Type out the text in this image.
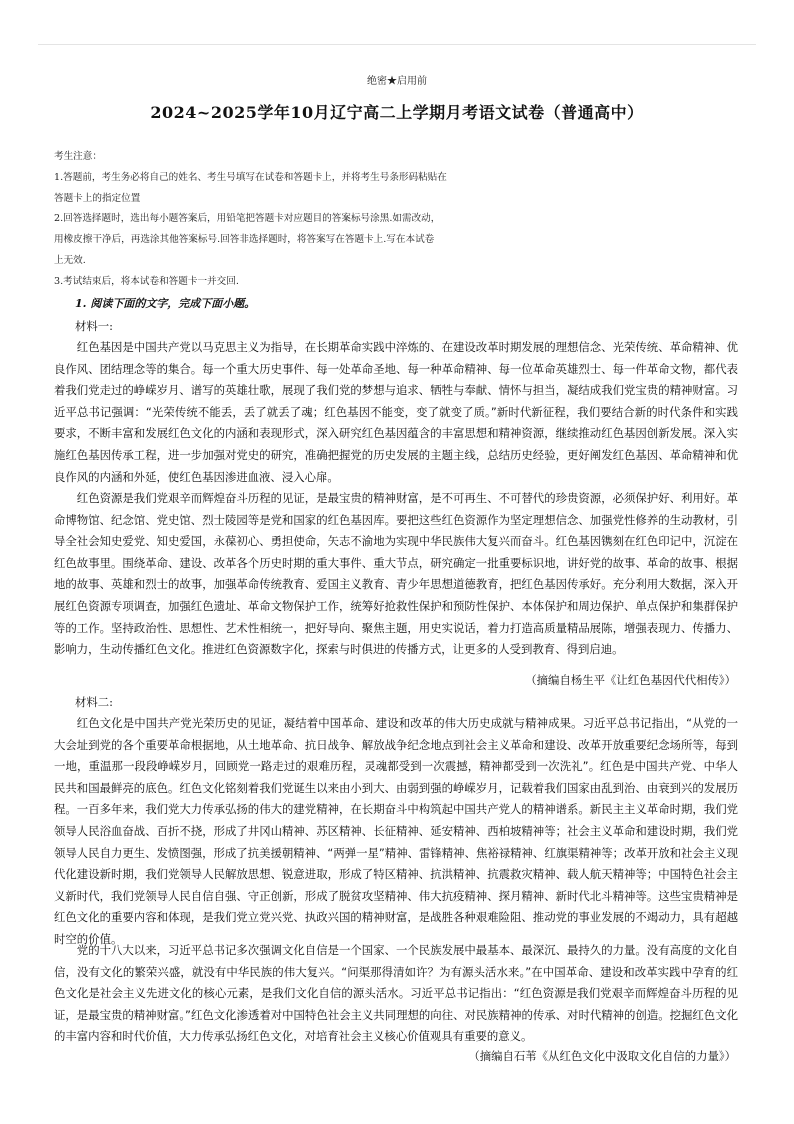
绝密★启用前
2024~2025学年10月辽宁高二上学期月考语文试卷（普通高中）
考生注意：
1.答题前，考生务必将自己的姓名、考生号填写在试卷和答题卡上，并将考生号条形码粘贴在
答题卡上的指定位置
2.回答选择题时，选出每小题答案后，用铅笔把答题卡对应题目的答案标号涂黑.如需改动，
用橡皮擦干净后，再选涂其他答案标号.回答非选择题时，将答案写在答题卡上.写在本试卷
上无效.
3.考试结束后，将本试卷和答题卡一并交回.
1. 阅读下面的文字，完成下面小题。
材料一:

红色基因是中国共产党以马克思主义为指导，在长期革命实践中淬炼的、在建设改革时期发展的理想信念、光荣传统、革命精神、优良作风、团结理念等的集合。每一个重大历史事件、每一处革命圣地、每一种革命精神、每一位革命英雄烈士、每一件革命文物，都代表着我们党走过的峥嵘岁月、谱写的英雄壮歌，展现了我们党的梦想与追求、牺牲与奉献、情怀与担当，凝结成我们党宝贵的精神财富。习近平总书记强调：“光荣传统不能丢，丢了就丢了魂；红色基因不能变，变了就变了质。”新时代新征程，我们要结合新的时代条件和实践要求，不断丰富和发展红色文化的内涵和表现形式，深入研究红色基因蕴含的丰富思想和精神资源，继续推动红色基因创新发展。深入实施红色基因传承工程，进一步加强对党史的研究，准确把握党的历史发展的主题主线，总结历史经验，更好阐发红色基因、革命精神和优良作风的内涵和外延，使红色基因渗进血液、浸入心扉。

红色资源是我们党艰辛而辉煌奋斗历程的见证，是最宝贵的精神财富，是不可再生、不可替代的珍贵资源，必须保护好、利用好。革命博物馆、纪念馆、党史馆、烈士陵园等是党和国家的红色基因库。要把这些红色资源作为坚定理想信念、加强党性修养的生动教材，引导全社会知史爱党、知史爱国，永葆初心、勇担使命，矢志不渝地为实现中华民族伟大复兴而奋斗。红色基因镌刻在红色印记中，沉淀在红色故事里。围绕革命、建设、改革各个历史时期的重大事件、重大节点，研究确定一批重要标识地，讲好党的故事、革命的故事、根据地的故事、英雄和烈士的故事，加强革命传统教育、爱国主义教育、青少年思想道德教育，把红色基因传承好。充分利用大数据，深入开展红色资源专项调查，加强红色遗址、革命文物保护工作，统筹好抢救性保护和预防性保护、本体保护和周边保护、单点保护和集群保护等的工作。坚持政治性、思想性、艺术性相统一，把好导向、聚焦主题，用史实说话，着力打造高质量精品展陈，增强表现力、传播力、影响力，生动传播红色文化。推进红色资源数字化，探索与时俱进的传播方式，让更多的人受到教育、得到启迪。

（摘编自杨生平《让红色基因代代相传》）
材料二:

红色文化是中国共产党光荣历史的见证，凝结着中国革命、建设和改革的伟大历史成就与精神成果。习近平总书记指出，“从党的一大会址到党的各个重要革命根据地，从土地革命、抗日战争、解放战争纪念地点到社会主义革命和建设、改革开放重要纪念场所等，每到一地，重温那一段段峥嵘岁月，回顾党一路走过的艰难历程，灵魂都受到一次震撼，精神都受到一次洗礼”。红色是中国共产党、中华人民共和国最鲜亮的底色。红色文化铭刻着我们党诞生以来由小到大、由弱到强的峥嵘岁月，记载着我们国家由乱到治、由衰到兴的发展历程。一百多年来，我们党大力传承弘扬的伟大的建党精神，在长期奋斗中构筑起中国共产党人的精神谱系。新民主主义革命时期，我们党领导人民浴血奋战、百折不挠，形成了井冈山精神、苏区精神、长征精神、延安精神、西柏坡精神等；社会主义革命和建设时期，我们党领导人民自力更生、发愤图强，形成了抗美援朝精神、“两弹一星”精神、雷锋精神、焦裕禄精神、红旗渠精神等；改革开放和社会主义现代化建设新时期，我们党领导人民解放思想、锐意进取，形成了特区精神、抗洪精神、抗震救灾精神、载人航天精神等；中国特色社会主义新时代，我们党领导人民自信自强、守正创新，形成了脱贫攻坚精神、伟大抗疫精神、探月精神、新时代北斗精神等。这些宝贵精神是红色文化的重要内容和体现，是我们党立党兴党、执政兴国的精神财富，是战胜各种艰难险阻、推动党的事业发展的不竭动力，具有超越时空的价值。

党的十八大以来，习近平总书记多次强调文化自信是一个国家、一个民族发展中最基本、最深沉、最持久的力量。没有高度的文化自信，没有文化的繁荣兴盛，就没有中华民族的伟大复兴。“问渠那得清如许？为有源头活水来。”在中国革命、建设和改革实践中孕育的红色文化是社会主义先进文化的核心元素，是我们文化自信的源头活水。习近平总书记指出：“红色资源是我们党艰辛而辉煌奋斗历程的见证，是最宝贵的精神财富。”红色文化渗透着对中国特色社会主义共同理想的向往、对民族精神的传承、对时代精神的创造。挖掘红色文化的丰富内容和时代价值，大力传承弘扬红色文化，对培育社会主义核心价值观具有重要的意义。

（摘编自石苇《从红色文化中汲取文化自信的力量》）
